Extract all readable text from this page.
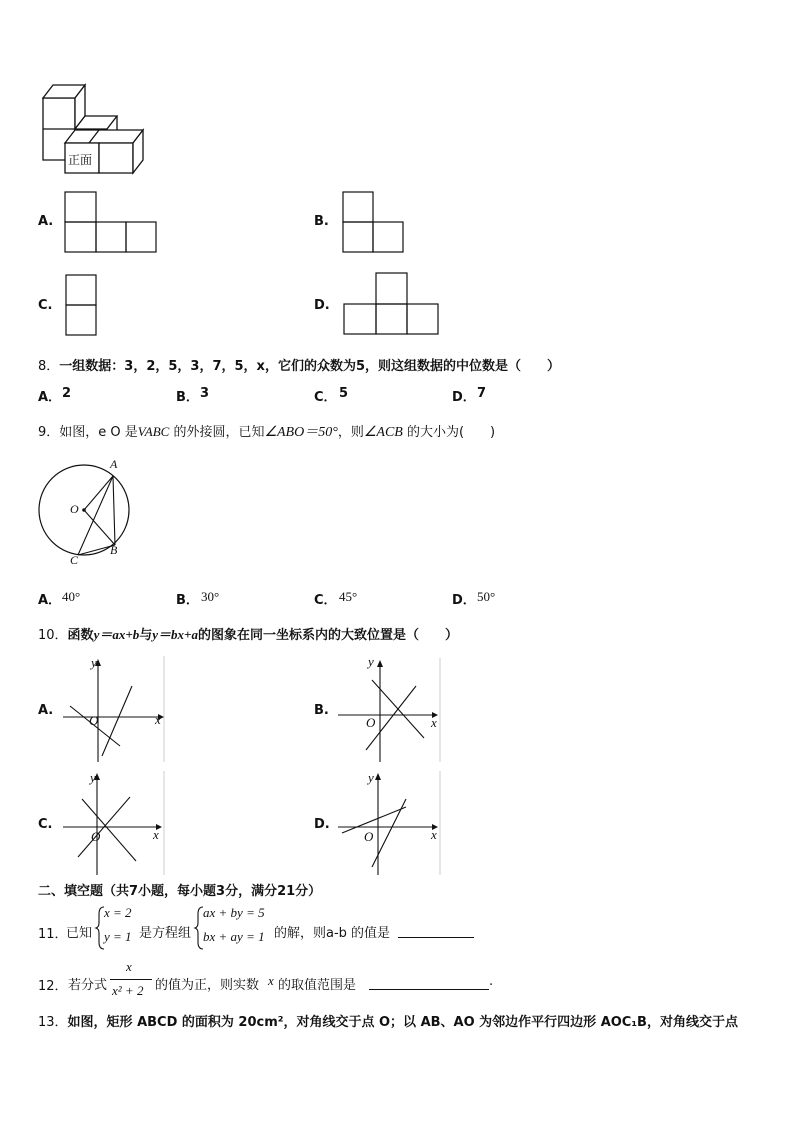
正面
A.	B.
C.	D.
8．一组数据：3，2，5，3，7，5，x，它们的众数为5，则这组数据的中位数是（　　）
A． 2	B． 3	C． 5	D． 7
9．如图，e O 是VABC 的外接圆，已知∠ABO＝50°，则∠ACB 的大小为(　　)
A
O
B
C
A． 40°	B． 30°	C． 45°	D． 50°
10．函数y＝ax+b与y＝bx+a的图象在同一坐标系内的大致位置是（　　）
A.
y
x
O
B.
y
x
O
C.
y
x
O
D.
y
x
O
二、填空题（共7小题，每小题3分，满分21分）
11．
已知
x = 2
y = 1 是方程组
ax + by = 5
bx + ay = 1 的解，则a-b 的值是
12． 若分式
x
x² + 2 的值为正，则实数 x 的取值范围是	.
13．如图，矩形 ABCD 的面积为 20cm²，对角线交于点 O；以 AB、AO 为邻边作平行四边形 AOC₁B，对角线交于点
